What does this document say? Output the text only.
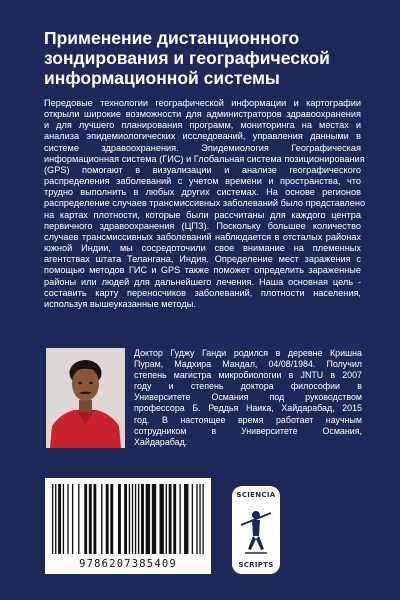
Применение дистанционного
зондирования и географической
информационной системы
Передовые технологии географической информации и картографии
открыли широкие возможности для администраторов здравоохранения
и для лучшего планирования программ, мониторинга на местах и
анализа эпидемиологических исследований, управления данными в
системе здравоохранения. Эпидемиология Географическая
информационная система (ГИС) и Глобальная система позиционирования
(GPS) помогают в визуализации и анализе географического
распределения заболеваний с учетом времени и пространства, что
трудно выполнить в любых других системах. На основе регионов
распределение случаев трансмиссивных заболеваний было представлено
на картах плотности, которые были рассчитаны для каждого центра
первичного здравоохранения (ЦПЗ). Поскольку большее количество
случаев трансмиссивных заболеваний наблюдается в отсталых районах
южной Индии, мы сосредоточили свое внимание на племенных
агентствах штата Телангана, Индия. Определение мест заражения с
помощью методов ГИС и GPS также поможет определить зараженные
районы или людей для дальнейшего лечения. Наша основная цель -
составить карту переносчиков заболеваний, плотности населения,
используя вышеуказанные методы.
Доктор Гуджу Ганди родился в деревне Кришна
Пурам, Мадхира Мандал, 04/08/1984. Получил
степень магистра микробиологии в JNTU в 2007
году и степень доктора философии в
Университете Османия под руководством
профессора Б. Реддья Наика, Хайдарабад, 2015
год. В настоящее время работает научным
сотрудником в Университете Османия,
Хайдарабад.
9786207385409
SCIENCIA
SCRIPTS
